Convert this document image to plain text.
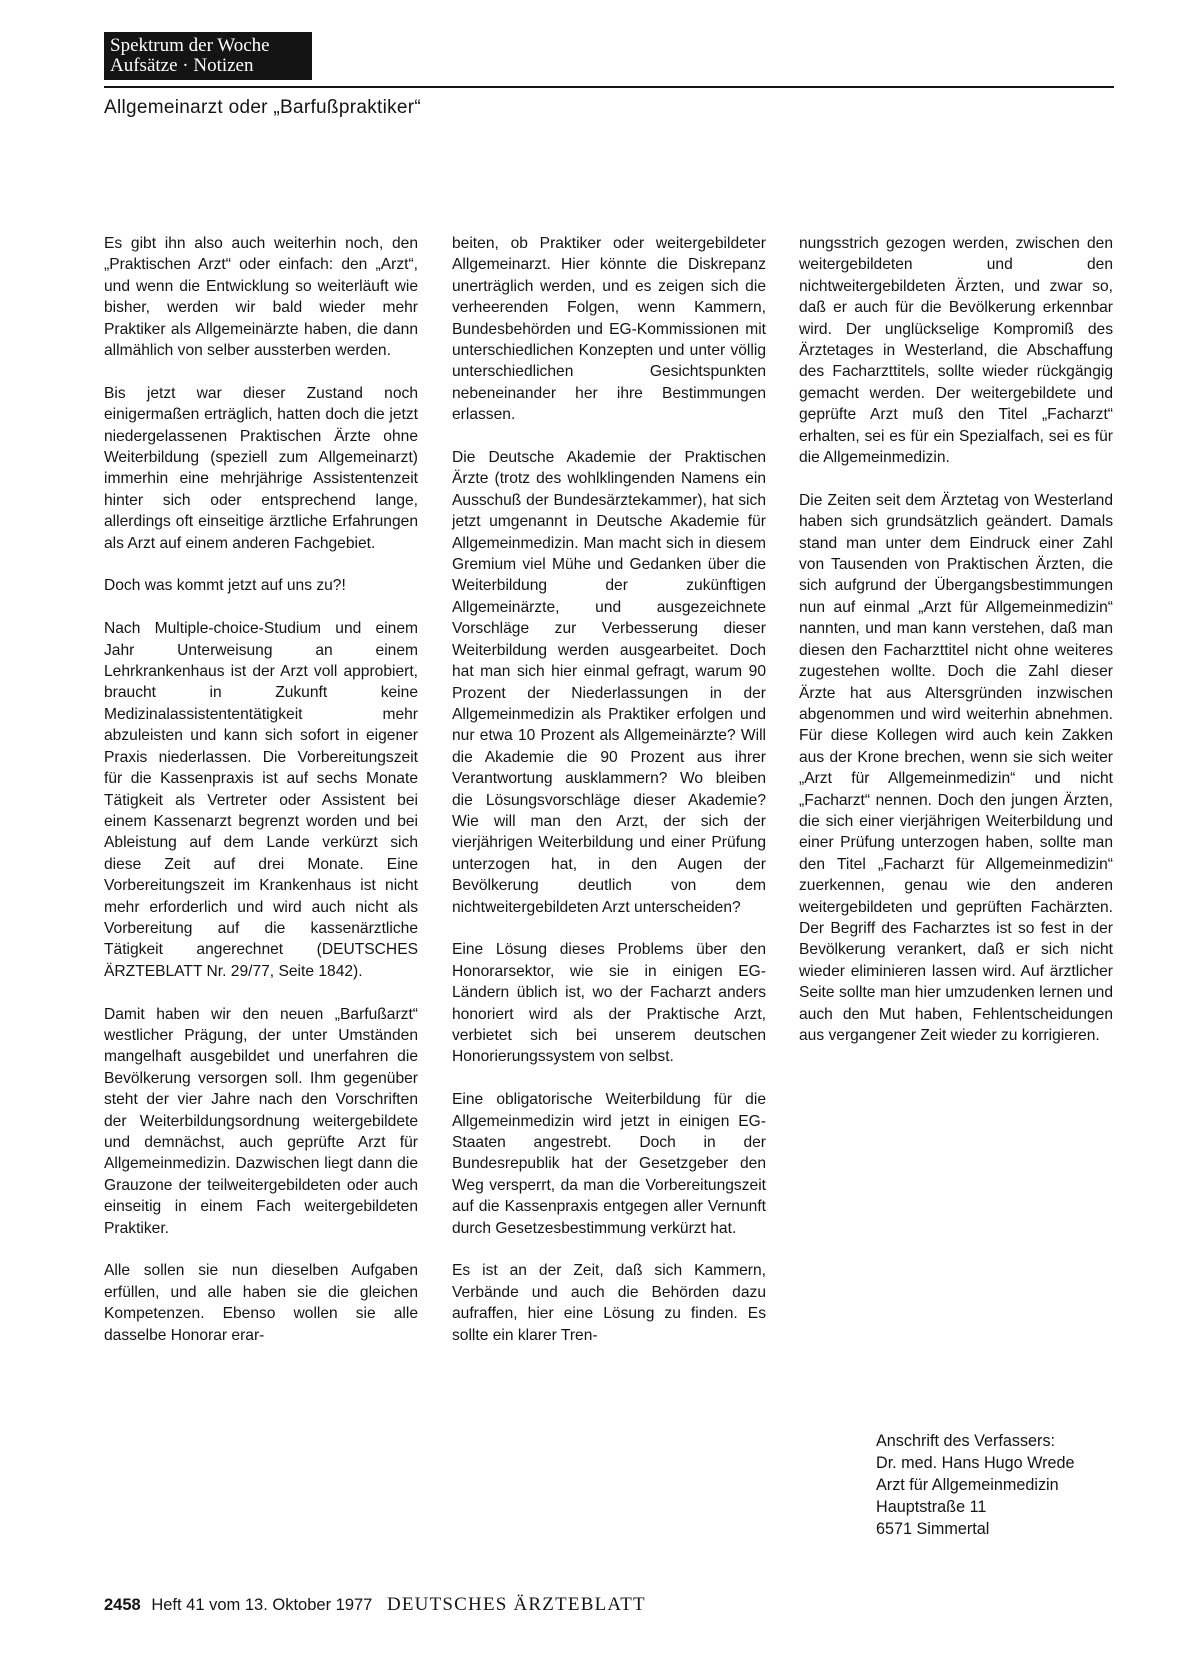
Spektrum der Woche
Aufsätze · Notizen
Allgemeinarzt oder „Barfußpraktiker“

Es gibt ihn also auch weiterhin noch, den „Praktischen Arzt“ oder einfach: den „Arzt“, und wenn die Entwicklung so weiterläuft wie bisher, werden wir bald wieder mehr Praktiker als Allgemeinärzte haben, die dann allmählich von selber aussterben werden.

Bis jetzt war dieser Zustand noch einigermaßen erträglich, hatten doch die jetzt niedergelassenen Praktischen Ärzte ohne Weiterbildung (speziell zum Allgemeinarzt) immerhin eine mehrjährige Assistentenzeit hinter sich oder entsprechend lange, allerdings oft einseitige ärztliche Erfahrungen als Arzt auf einem anderen Fachgebiet.

Doch was kommt jetzt auf uns zu?!

Nach Multiple-choice-Studium und einem Jahr Unterweisung an einem Lehrkrankenhaus ist der Arzt voll approbiert, braucht in Zukunft keine Medizinalassistententätigkeit mehr abzuleisten und kann sich sofort in eigener Praxis niederlassen. Die Vorbereitungszeit für die Kassenpraxis ist auf sechs Monate Tätigkeit als Vertreter oder Assistent bei einem Kassenarzt begrenzt worden und bei Ableistung auf dem Lande verkürzt sich diese Zeit auf drei Monate. Eine Vorbereitungszeit im Krankenhaus ist nicht mehr erforderlich und wird auch nicht als Vorbereitung auf die kassenärztliche Tätigkeit angerechnet (DEUTSCHES ÄRZTEBLATT Nr. 29/77, Seite 1842).

Damit haben wir den neuen „Barfußarzt“ westlicher Prägung, der unter Umständen mangelhaft ausgebildet und unerfahren die Bevölkerung versorgen soll. Ihm gegenüber steht der vier Jahre nach den Vorschriften der Weiterbildungsordnung weitergebildete und demnächst, auch geprüfte Arzt für Allgemeinmedizin. Dazwischen liegt dann die Grauzone der teilweitergebildeten oder auch einseitig in einem Fach weitergebildeten Praktiker.

Alle sollen sie nun dieselben Aufgaben erfüllen, und alle haben sie die gleichen Kompetenzen. Ebenso wollen sie alle dasselbe Honorar erar-

beiten, ob Praktiker oder weitergebildeter Allgemeinarzt. Hier könnte die Diskrepanz unerträglich werden, und es zeigen sich die verheerenden Folgen, wenn Kammern, Bundesbehörden und EG-Kommissionen mit unterschiedlichen Konzepten und unter völlig unterschiedlichen Gesichtspunkten nebeneinander her ihre Bestimmungen erlassen.

Die Deutsche Akademie der Praktischen Ärzte (trotz des wohlklingenden Namens ein Ausschuß der Bundesärztekammer), hat sich jetzt umgenannt in Deutsche Akademie für Allgemeinmedizin. Man macht sich in diesem Gremium viel Mühe und Gedanken über die Weiterbildung der zukünftigen Allgemeinärzte, und ausgezeichnete Vorschläge zur Verbesserung dieser Weiterbildung werden ausgearbeitet. Doch hat man sich hier einmal gefragt, warum 90 Prozent der Niederlassungen in der Allgemeinmedizin als Praktiker erfolgen und nur etwa 10 Prozent als Allgemeinärzte? Will die Akademie die 90 Prozent aus ihrer Verantwortung ausklammern? Wo bleiben die Lösungsvorschläge dieser Akademie? Wie will man den Arzt, der sich der vierjährigen Weiterbildung und einer Prüfung unterzogen hat, in den Augen der Bevölkerung deutlich von dem nichtweitergebildeten Arzt unterscheiden?

Eine Lösung dieses Problems über den Honorarsektor, wie sie in einigen EG-Ländern üblich ist, wo der Facharzt anders honoriert wird als der Praktische Arzt, verbietet sich bei unserem deutschen Honorierungssystem von selbst.

Eine obligatorische Weiterbildung für die Allgemeinmedizin wird jetzt in einigen EG-Staaten angestrebt. Doch in der Bundesrepublik hat der Gesetzgeber den Weg versperrt, da man die Vorbereitungszeit auf die Kassenpraxis entgegen aller Vernunft durch Gesetzesbestimmung verkürzt hat.

Es ist an der Zeit, daß sich Kammern, Verbände und auch die Behörden dazu aufraffen, hier eine Lösung zu finden. Es sollte ein klarer Tren-

nungsstrich gezogen werden, zwischen den weitergebildeten und den nichtweitergebildeten Ärzten, und zwar so, daß er auch für die Bevölkerung erkennbar wird. Der unglückselige Kompromiß des Ärztetages in Westerland, die Abschaffung des Facharzttitels, sollte wieder rückgängig gemacht werden. Der weitergebildete und geprüfte Arzt muß den Titel „Facharzt“ erhalten, sei es für ein Spezialfach, sei es für die Allgemeinmedizin.

Die Zeiten seit dem Ärztetag von Westerland haben sich grundsätzlich geändert. Damals stand man unter dem Eindruck einer Zahl von Tausenden von Praktischen Ärzten, die sich aufgrund der Übergangsbestimmungen nun auf einmal „Arzt für Allgemeinmedizin“ nannten, und man kann verstehen, daß man diesen den Facharzttitel nicht ohne weiteres zugestehen wollte. Doch die Zahl dieser Ärzte hat aus Altersgründen inzwischen abgenommen und wird weiterhin abnehmen. Für diese Kollegen wird auch kein Zakken aus der Krone brechen, wenn sie sich weiter „Arzt für Allgemeinmedizin“ und nicht „Facharzt“ nennen. Doch den jungen Ärzten, die sich einer vierjährigen Weiterbildung und einer Prüfung unterzogen haben, sollte man den Titel „Facharzt für Allgemeinmedizin“ zuerkennen, genau wie den anderen weitergebildeten und geprüften Fachärzten. Der Begriff des Facharztes ist so fest in der Bevölkerung verankert, daß er sich nicht wieder eliminieren lassen wird. Auf ärztlicher Seite sollte man hier umzudenken lernen und auch den Mut haben, Fehlentscheidungen aus vergangener Zeit wieder zu korrigieren.

Anschrift des Verfassers:
Dr. med. Hans Hugo Wrede
Arzt für Allgemeinmedizin
Hauptstraße 11
6571 Simmertal
2458 Heft 41 vom 13. Oktober 1977 DEUTSCHES ÄRZTEBLATT
